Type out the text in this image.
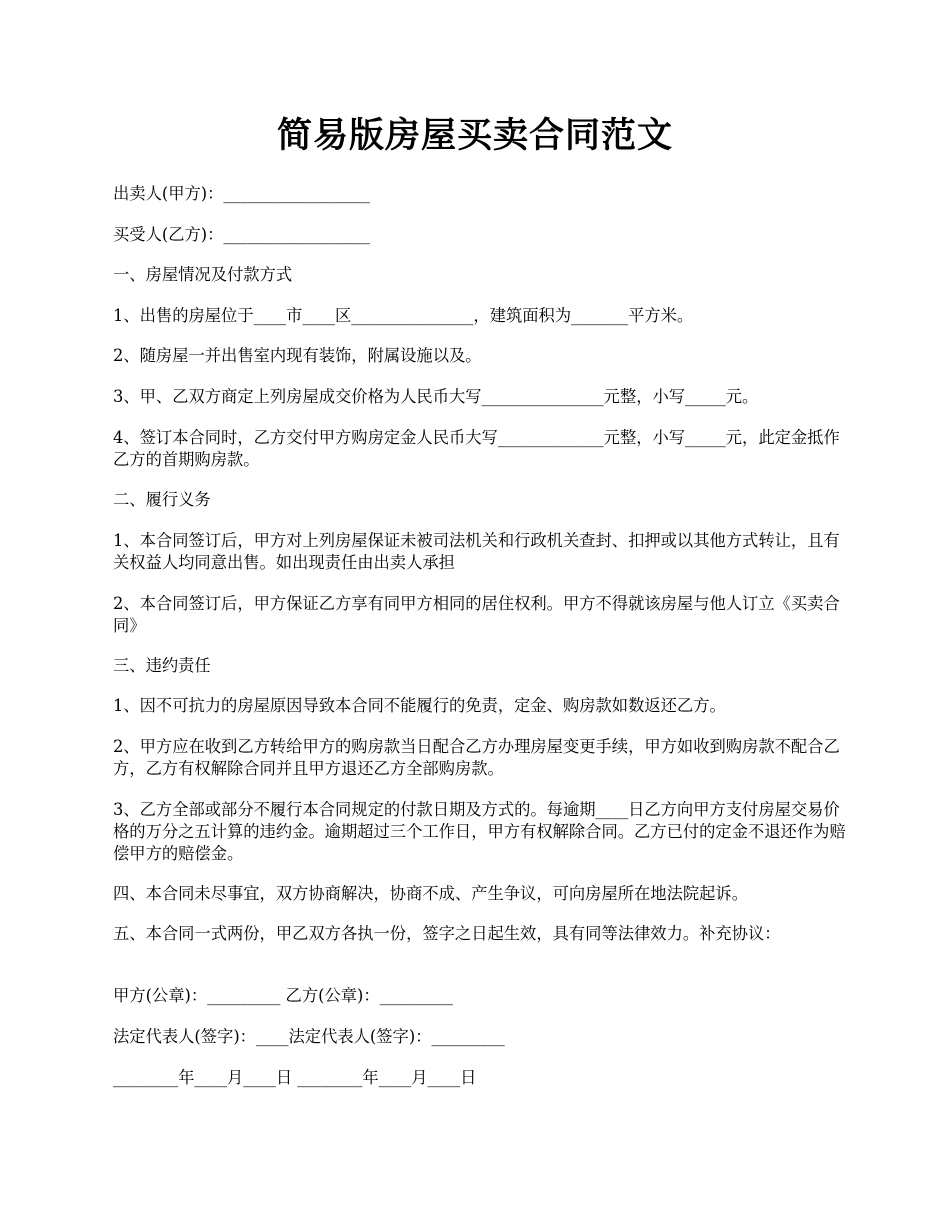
简易版房屋买卖合同范文
出卖人(甲方)：__________________
买受人(乙方)：__________________
一、房屋情况及付款方式
1、出售的房屋位于____市____区_______________，建筑面积为_______平方米。
2、随房屋一并出售室内现有装饰，附属设施以及。
3、甲、乙双方商定上列房屋成交价格为人民币大写_______________元整，小写_____元。
4、签订本合同时，乙方交付甲方购房定金人民币大写_____________元整，小写_____元，此定金抵作乙方的首期购房款。
二、履行义务
1、本合同签订后，甲方对上列房屋保证未被司法机关和行政机关查封、扣押或以其他方式转让，且有关权益人均同意出售。如出现责任由出卖人承担
2、本合同签订后，甲方保证乙方享有同甲方相同的居住权利。甲方不得就该房屋与他人订立《买卖合同》
三、违约责任
1、因不可抗力的房屋原因导致本合同不能履行的免责，定金、购房款如数返还乙方。
2、甲方应在收到乙方转给甲方的购房款当日配合乙方办理房屋变更手续，甲方如收到购房款不配合乙方，乙方有权解除合同并且甲方退还乙方全部购房款。
3、乙方全部或部分不履行本合同规定的付款日期及方式的。每逾期____日乙方向甲方支付房屋交易价格的万分之五计算的违约金。逾期超过三个工作日，甲方有权解除合同。乙方已付的定金不退还作为赔偿甲方的赔偿金。
四、本合同未尽事宜，双方协商解决，协商不成、产生争议，可向房屋所在地法院起诉。
五、本合同一式两份，甲乙双方各执一份，签字之日起生效，具有同等法律效力。补充协议：
甲方(公章)：_________ 乙方(公章)：_________
法定代表人(签字)：____法定代表人(签字)：_________
________年____月____日 ________年____月____日
